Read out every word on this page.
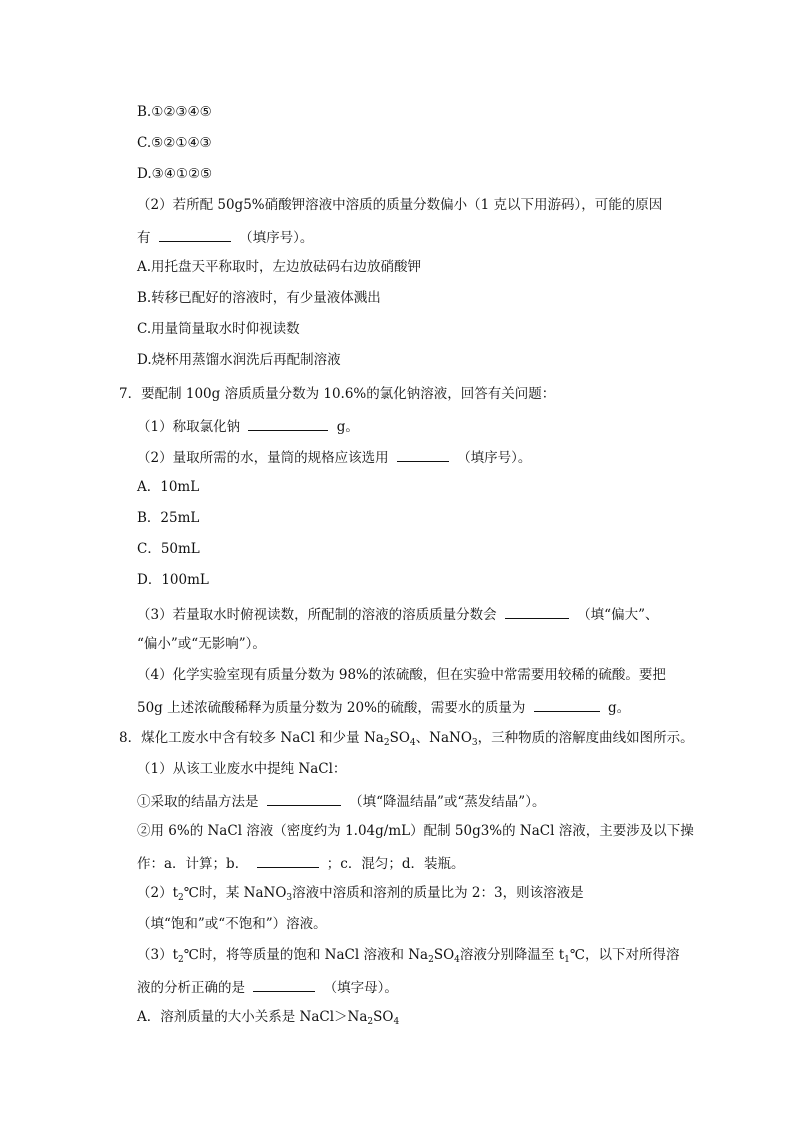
B.①②③④⑤
C.⑤②①④③
D.③④①②⑤
（2）若所配 50g5%硝酸钾溶液中溶质的质量分数偏小（1 克以下用游码），可能的原因
有	（填序号）。
A.用托盘天平称取时，左边放砝码右边放硝酸钾
B.转移已配好的溶液时，有少量液体溅出
C.用量筒量取水时仰视读数
D.烧杯用蒸馏水润洗后再配制溶液
7．要配制 100g 溶质质量分数为 10.6%的氯化钠溶液，回答有关问题：
（1）称取氯化钠	g。
（2）量取所需的水，量筒的规格应该选用	（填序号）。
A．10mL
B．25mL
C．50mL
D．100mL
（3）若量取水时俯视读数，所配制的溶液的溶质质量分数会	（填“偏大”、
“偏小”或“无影响”）。
（4）化学实验室现有质量分数为 98%的浓硫酸，但在实验中常需要用较稀的硫酸。要把
50g 上述浓硫酸稀释为质量分数为 20%的硫酸，需要水的质量为	g。
8．煤化工废水中含有较多 NaCl 和少量 $Na_2SO_4$、NaNO$_3$，三种物质的溶解度曲线如图所示。
（1）从该工业废水中提纯 NaCl：
①采取的结晶方法是	（填“降温结晶”或“蒸发结晶”）。
②用 6%的 NaCl 溶液（密度约为 1.04g/mL）配制 50g3%的 NaCl 溶液，主要涉及以下操
作：a．计算；b．	；c．混匀；d．装瓶。
$(2)t_2℃$时，某 NaNO$_3$溶液中溶质和溶剂的质量比为 2：3，则该溶液是
（填“饱和”或“不饱和”）溶液。
$(3)t_2℃$时，将等质量的饱和 NaCl 溶液和 $Na_2SO_4$溶液分别降温至 $t_1℃$，以下对所得溶
液的分析正确的是	（填字母）。
A．溶剂质量的大小关系是 $NaCl>Na_2SO_4$
